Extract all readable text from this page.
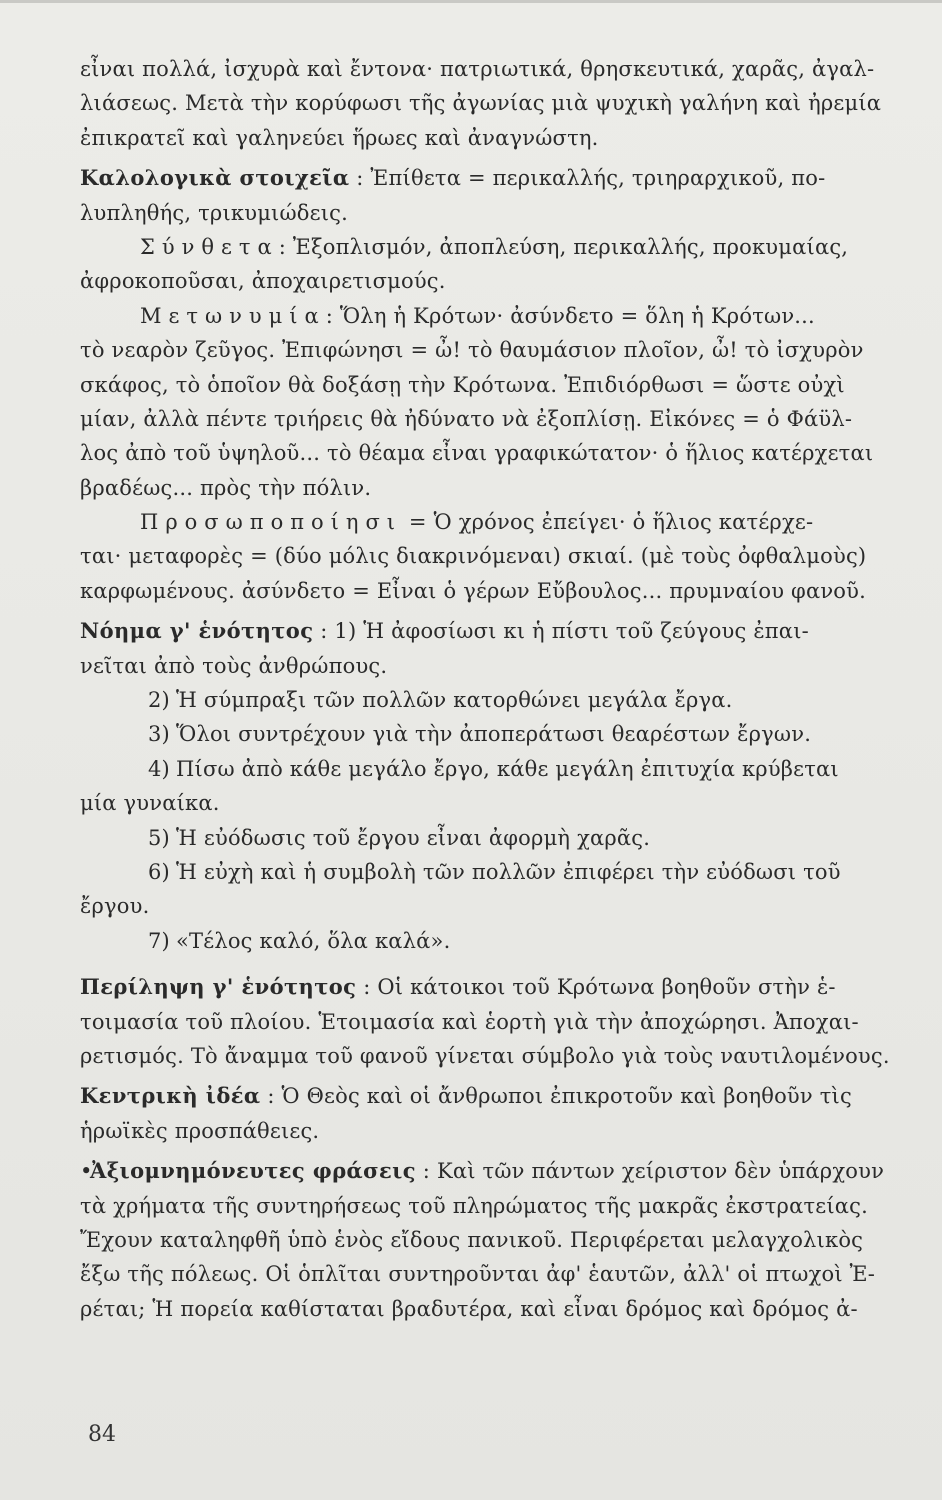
εἶναι πολλά, ἰσχυρὰ καὶ ἔντονα· πατριωτικά, θρησκευτικά, χαρᾶς, ἀγαλ-
λιάσεως. Μετὰ τὴν κορύφωσι τῆς ἀγωνίας μιὰ ψυχικὴ γαλήνη καὶ ἠρεμία
ἐπικρατεῖ καὶ γαληνεύει ἥρωες καὶ ἀναγνώστη.
Καλολογικὰ στοιχεῖα : Ἐπίθετα = περικαλλής, τριηραρχικοῦ, πο-
λυπληθής, τρικυμιώδεις.
Σύνθετα: Ἐξοπλισμόν, ἀποπλεύση, περικαλλής, προκυμαίας,
ἀφροκοποῦσαι, ἀποχαιρετισμούς.
Μετωνυμία: Ὅλη ἡ Κρότων· ἀσύνδετο = ὅλη ἡ Κρότων...
τὸ νεαρὸν ζεῦγος. Ἐπιφώνησι = ὦ! τὸ θαυμάσιον πλοῖον, ὦ! τὸ ἰσχυρὸν
σκάφος, τὸ ὁποῖον θὰ δοξάσῃ τὴν Κρότωνα. Ἐπιδιόρθωσι = ὥστε οὐχὶ
μίαν, ἀλλὰ πέντε τριήρεις θὰ ἠδύνατο νὰ ἐξοπλίσῃ. Εἰκόνες = ὁ Φάϋλ-
λος ἀπὸ τοῦ ὑψηλοῦ... τὸ θέαμα εἶναι γραφικώτατον· ὁ ἥλιος κατέρχεται
βραδέως... πρὸς τὴν πόλιν.
Προσωποποίησι = Ὁ χρόνος ἐπείγει· ὁ ἥλιος κατέρχε-
ται· μεταφορὲς = (δύο μόλις διακρινόμεναι) σκιαί. (μὲ τοὺς ὀφθαλμοὺς)
καρφωμένους. ἀσύνδετο = Εἶναι ὁ γέρων Εὔβουλος... πρυμναίου φανοῦ.
Νόημα γ' ἑνότητος : 1) Ἡ ἀφοσίωσι κι ἡ πίστι τοῦ ζεύγους ἐπαι-
νεῖται ἀπὸ τοὺς ἀνθρώπους.
2) Ἡ σύμπραξι τῶν πολλῶν κατορθώνει μεγάλα ἔργα.
3) Ὅλοι συντρέχουν γιὰ τὴν ἀποπεράτωσι θεαρέστων ἔργων.
4) Πίσω ἀπὸ κάθε μεγάλο ἔργο, κάθε μεγάλη ἐπιτυχία κρύβεται
μία γυναίκα.
5) Ἡ εὐόδωσις τοῦ ἔργου εἶναι ἀφορμὴ χαρᾶς.
6) Ἡ εὐχὴ καὶ ἡ συμβολὴ τῶν πολλῶν ἐπιφέρει τὴν εὐόδωσι τοῦ
ἔργου.
7) «Τέλος καλό, ὅλα καλά».
Περίληψη γ' ἑνότητος : Οἱ κάτοικοι τοῦ Κρότωνα βοηθοῦν στὴν ἑ-
τοιμασία τοῦ πλοίου. Ἑτοιμασία καὶ ἑορτὴ γιὰ τὴν ἀποχώρησι. Ἀποχαι-
ρετισμός. Τὸ ἄναμμα τοῦ φανοῦ γίνεται σύμβολο γιὰ τοὺς ναυτιλομένους.
Κεντρικὴ ἰδέα : Ὁ Θεὸς καὶ οἱ ἄνθρωποι ἐπικροτοῦν καὶ βοηθοῦν τὶς
ἡρωϊκὲς προσπάθειες.
•Ἀξιομνημόνευτες φράσεις : Καὶ τῶν πάντων χείριστον δὲν ὑπάρχουν
τὰ χρήματα τῆς συντηρήσεως τοῦ πληρώματος τῆς μακρᾶς ἐκστρατείας.
Ἔχουν καταληφθῆ ὑπὸ ἑνὸς εἴδους πανικοῦ. Περιφέρεται μελαγχολικὸς
ἔξω τῆς πόλεως. Οἱ ὁπλῖται συντηροῦνται ἀφ' ἑαυτῶν, ἀλλ' οἱ πτωχοὶ Ἐ-
ρέται; Ἡ πορεία καθίσταται βραδυτέρα, καὶ εἶναι δρόμος καὶ δρόμος ἀ-
84
